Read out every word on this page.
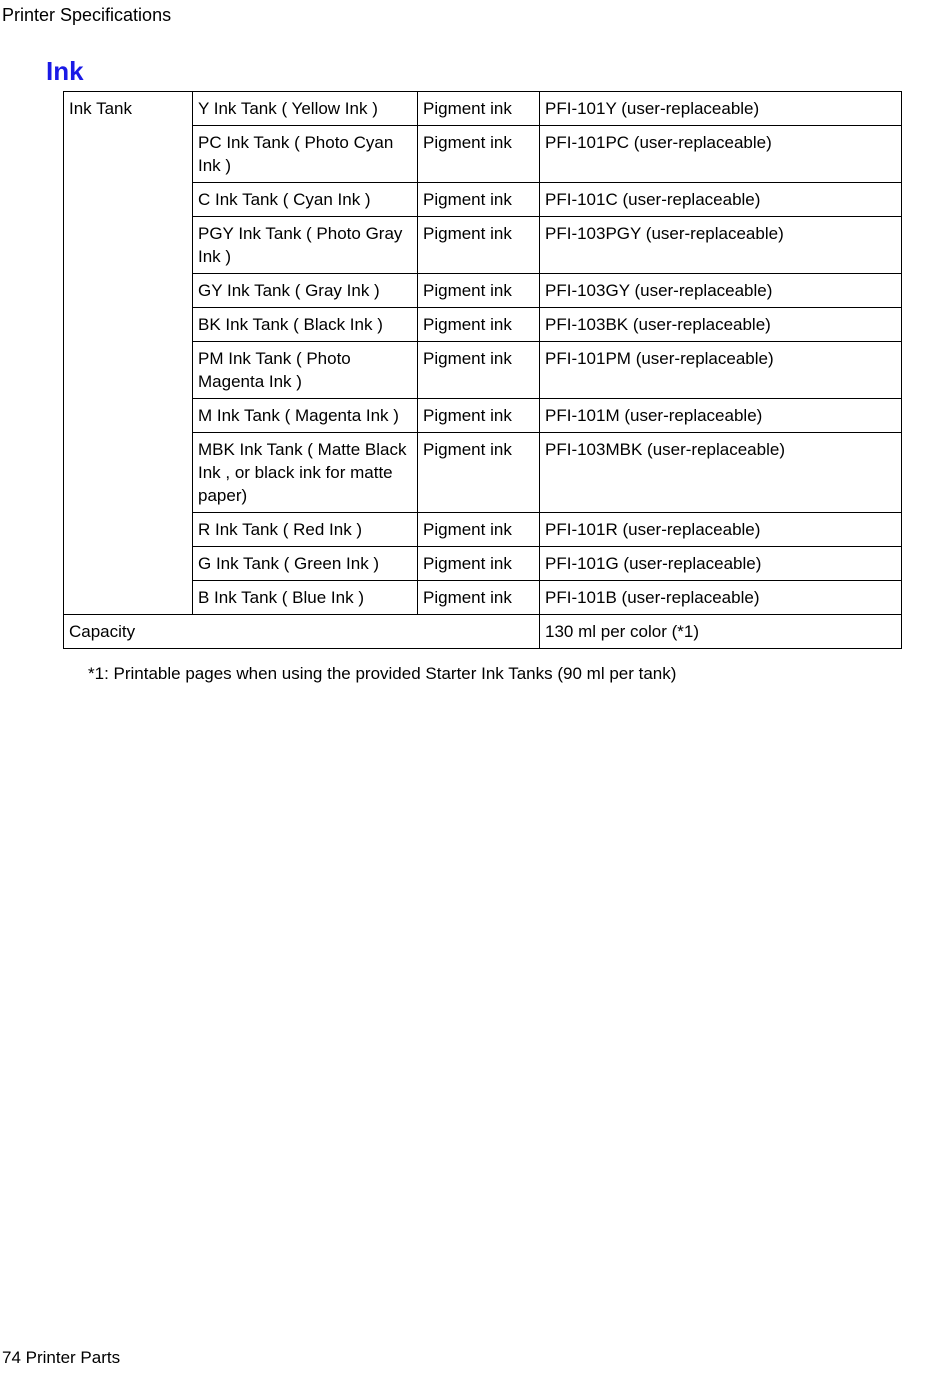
Printer Specifications
Ink
Ink Tank	Y Ink Tank ( Yellow Ink )	Pigment ink	PFI-101Y (user-replaceable)
	PC Ink Tank ( Photo Cyan Ink )	Pigment ink	PFI-101PC (user-replaceable)
	C Ink Tank ( Cyan Ink )	Pigment ink	PFI-101C (user-replaceable)
	PGY Ink Tank ( Photo Gray Ink )	Pigment ink	PFI-103PGY (user-replaceable)
	GY Ink Tank ( Gray Ink )	Pigment ink	PFI-103GY (user-replaceable)
	BK Ink Tank ( Black Ink )	Pigment ink	PFI-103BK (user-replaceable)
	PM Ink Tank ( Photo Magenta Ink )	Pigment ink	PFI-101PM (user-replaceable)
	M Ink Tank ( Magenta Ink )	Pigment ink	PFI-101M (user-replaceable)
	MBK Ink Tank ( Matte Black Ink , or black ink for matte paper)	Pigment ink	PFI-103MBK (user-replaceable)
	R Ink Tank ( Red Ink )	Pigment ink	PFI-101R (user-replaceable)
	G Ink Tank ( Green Ink )	Pigment ink	PFI-101G (user-replaceable)
	B Ink Tank ( Blue Ink )	Pigment ink	PFI-101B (user-replaceable)
Capacity			130 ml per color (*1)
*1: Printable pages when using the provided Starter Ink Tanks (90 ml per tank)
74 Printer Parts
